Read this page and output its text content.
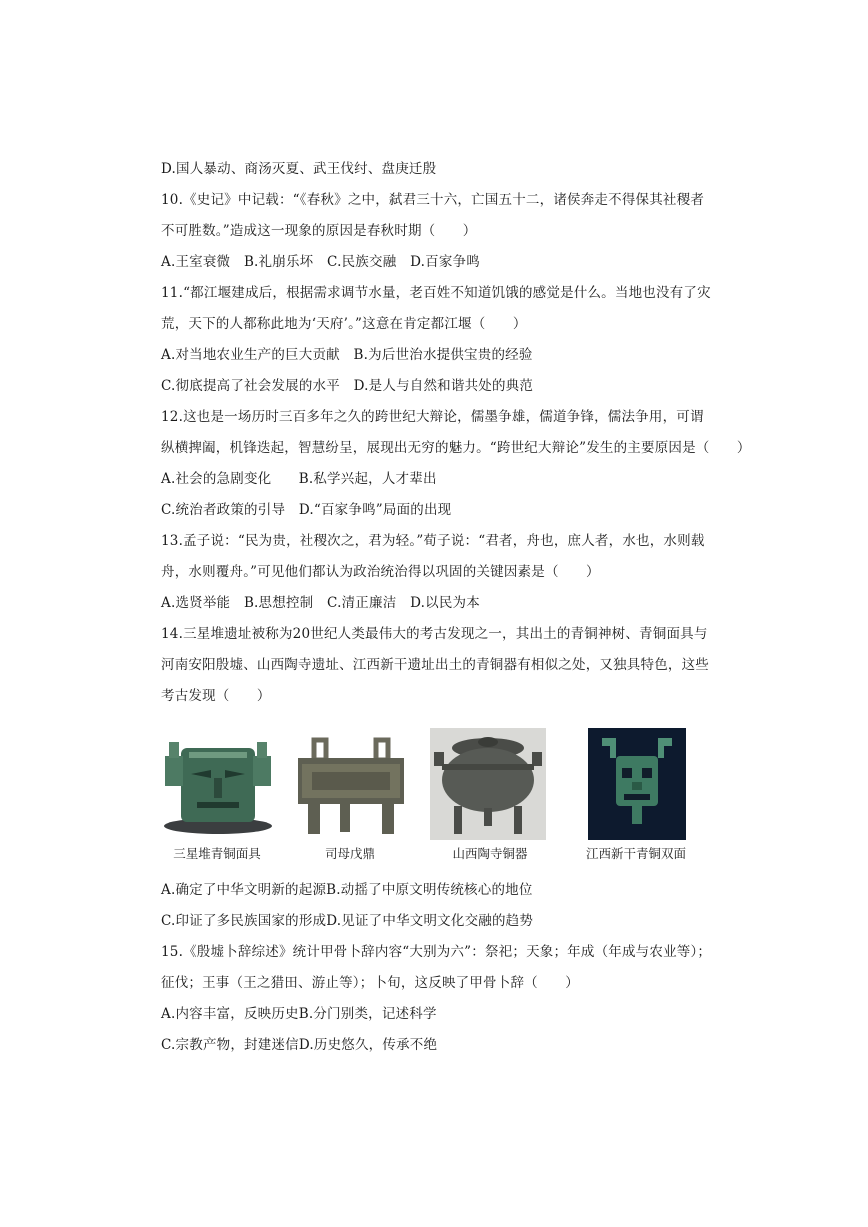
D.国人暴动、商汤灭夏、武王伐纣、盘庚迁殷
10.《史记》中记载：“《春秋》之中，弑君三十六，亡国五十二，诸侯奔走不得保其社稷者
不可胜数。”造成这一现象的原因是春秋时期（　　）
A.王室衰微　B.礼崩乐坏　C.民族交融　D.百家争鸣
11.“都江堰建成后，根据需求调节水量，老百姓不知道饥饿的感觉是什么。当地也没有了灾
荒，天下的人都称此地为‘天府’。”这意在肯定都江堰（　　）
A.对当地农业生产的巨大贡献　B.为后世治水提供宝贵的经验
C.彻底提高了社会发展的水平　D.是人与自然和谐共处的典范
12.这也是一场历时三百多年之久的跨世纪大辩论，儒墨争雄，儒道争锋，儒法争用，可谓
纵横捭阖，机锋迭起，智慧纷呈，展现出无穷的魅力。“跨世纪大辩论”发生的主要原因是（　　）
A.社会的急剧变化　　B.私学兴起，人才辈出
C.统治者政策的引导　D.“百家争鸣”局面的出现
13.孟子说：“民为贵，社稷次之，君为轻。”荀子说：“君者，舟也，庶人者，水也，水则载
舟，水则覆舟。”可见他们都认为政治统治得以巩固的关键因素是（　　）
A.选贤举能　B.思想控制　C.清正廉洁　D.以民为本
14.三星堆遗址被称为20世纪人类最伟大的考古发现之一，其出土的青铜神树、青铜面具与
河南安阳殷墟、山西陶寺遗址、江西新干遗址出土的青铜器有相似之处，又独具特色，这些
考古发现（　　）
三星堆青铜面具	司母戊鼎	山西陶寺铜器	江西新干青铜双面
A.确定了中华文明新的起源B.动摇了中原文明传统核心的地位
C.印证了多民族国家的形成D.见证了中华文明文化交融的趋势
15.《殷墟卜辞综述》统计甲骨卜辞内容“大别为六”：祭祀；天象；年成（年成与农业等）；
征伐；王事（王之猎田、游止等）；卜旬，这反映了甲骨卜辞（　　）
A.内容丰富，反映历史B.分门别类，记述科学
C.宗教产物，封建迷信D.历史悠久，传承不绝
